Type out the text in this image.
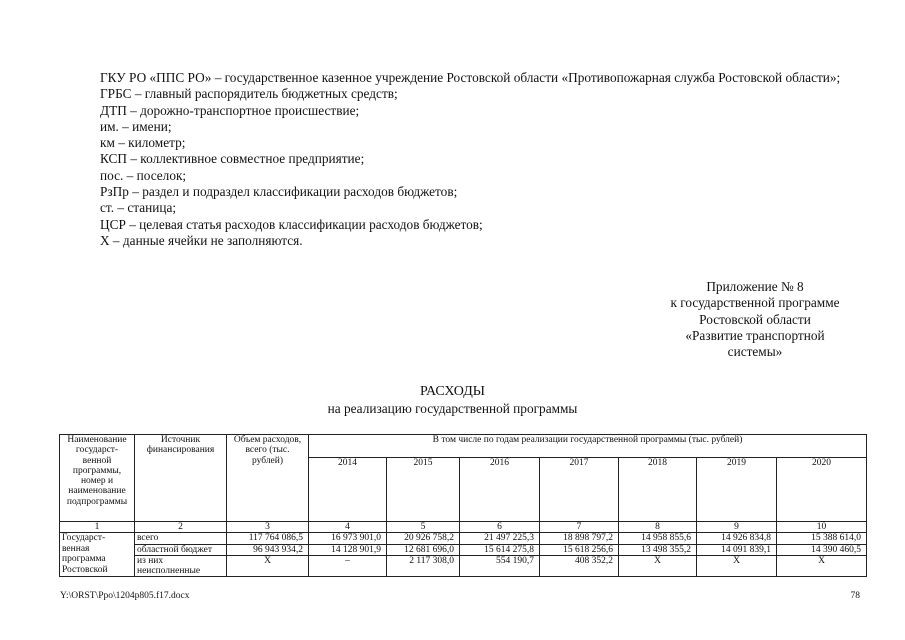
ГКУ РО «ППС РО» – государственное казенное учреждение Ростовской области «Противопожарная служба Ростовской области»;
ГРБС – главный распорядитель бюджетных средств;
ДТП – дорожно-транспортное происшествие;
им. – имени;
км – километр;
КСП – коллективное совместное предприятие;
пос. – поселок;
РзПр – раздел и подраздел классификации расходов бюджетов;
ст. – станица;
ЦСР – целевая статья расходов классификации расходов бюджетов;
Х – данные ячейки не заполняются.
Приложение № 8
к государственной программе
Ростовской области
«Развитие транспортной
системы»
РАСХОДЫ
на реализацию государственной программы
Наименование государст-венной программы, номер и наименование подпрограммы	Источник финансирования	Объем расходов, всего (тыс. рублей)	В том числе по годам реализации государственной программы (тыс. рублей)						
			2014	2015	2016	2017	2018	2019	2020
1	2	3	4	5	6	7	8	9	10
Государст-венная программа Ростовской	всего	117 764 086,5	16 973 901,0	20 926 758,2	21 497 225,3	18 898 797,2	14 958 855,6	14 926 834,8	15 388 614,0
	областной бюджет	96 943 934,2	14 128 901,9	12 681 696,0	15 614 275,8	15 618 256,6	13 498 355,2	14 091 839,1	14 390 460,5
	из них неисполненные	Х	–	2 117 308,0	554 190,7	408 352,2	Х	Х	Х
Y:\ORST\Ppo\1204p805.f17.docx	78
